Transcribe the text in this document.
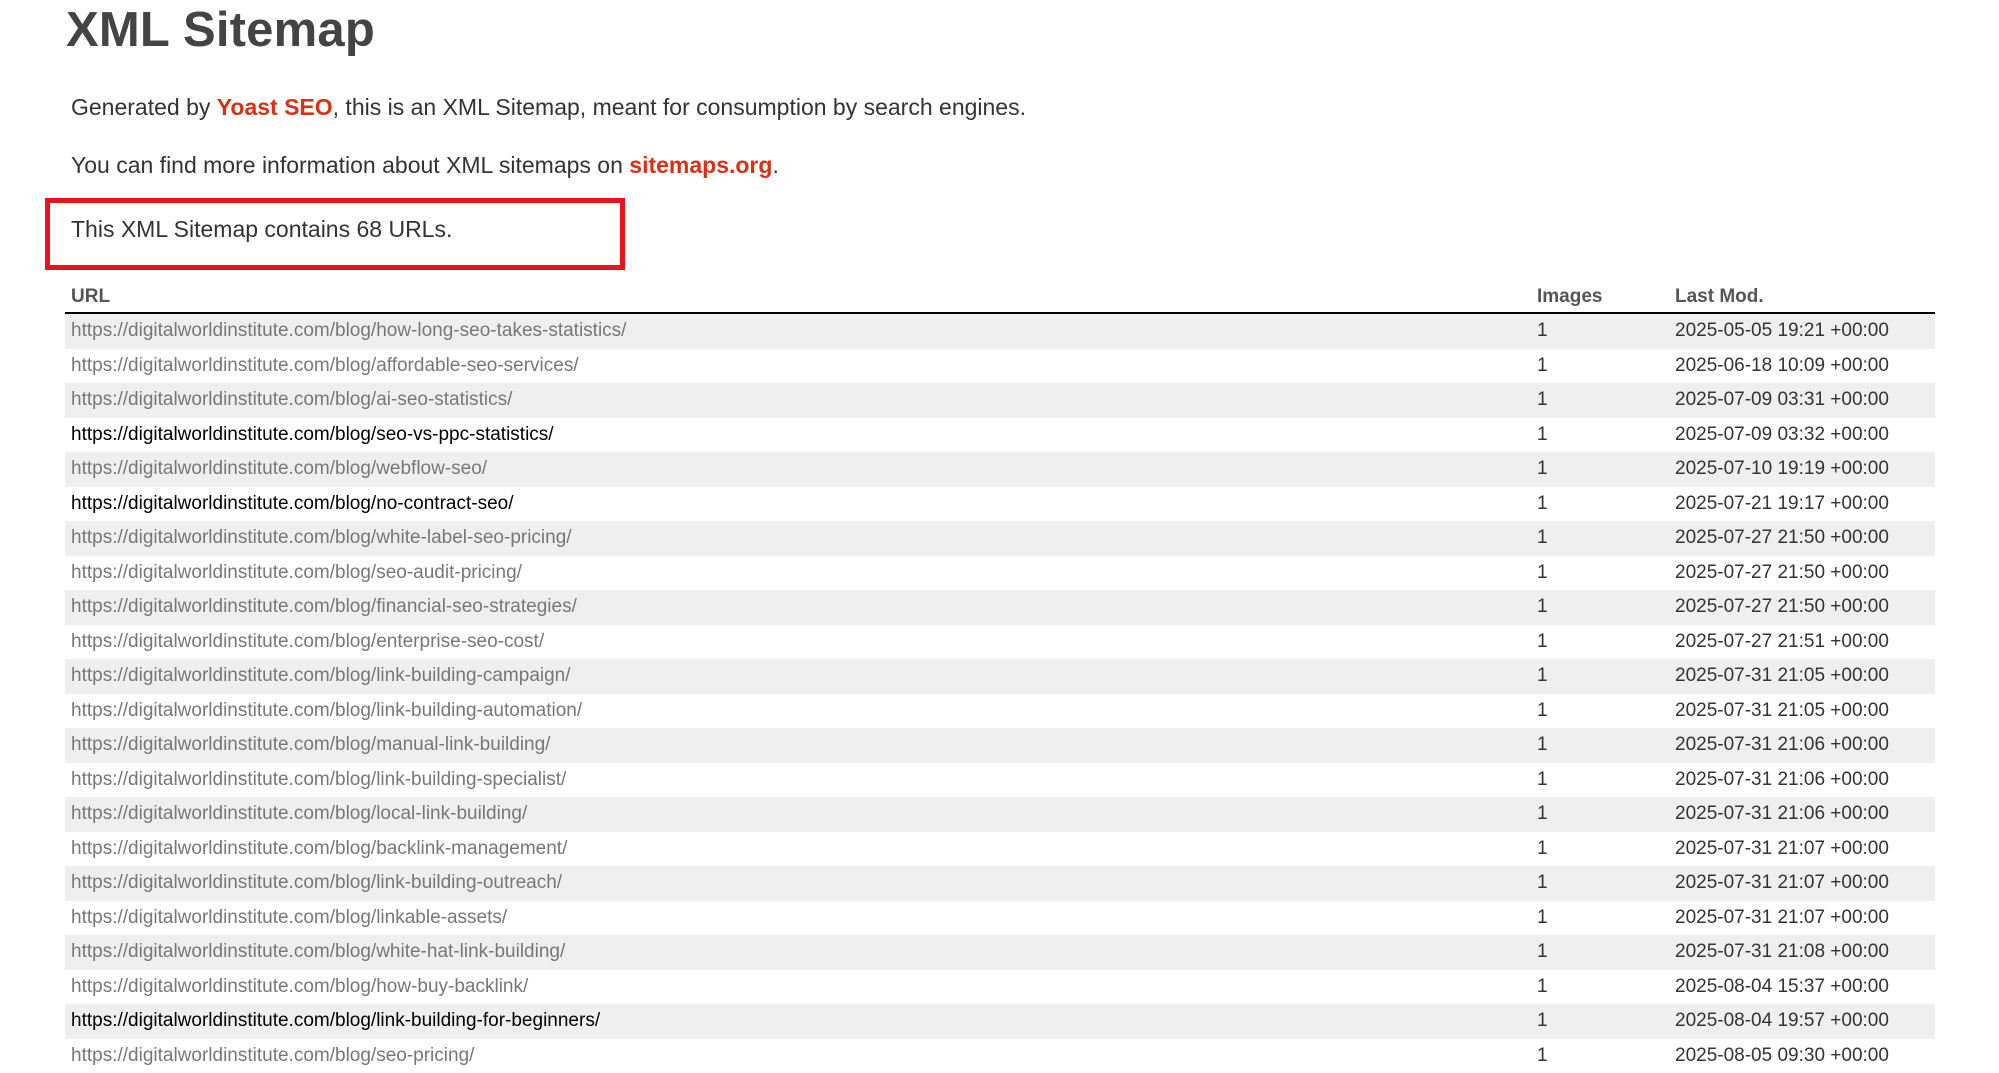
XML Sitemap

Generated by Yoast SEO, this is an XML Sitemap, meant for consumption by search engines.

You can find more information about XML sitemaps on sitemaps.org.

This XML Sitemap contains 68 URLs.

URL	Images	Last Mod.
https://digitalworldinstitute.com/blog/how-long-seo-takes-statistics/	1	2025-05-05 19:21 +00:00
https://digitalworldinstitute.com/blog/affordable-seo-services/	1	2025-06-18 10:09 +00:00
https://digitalworldinstitute.com/blog/ai-seo-statistics/	1	2025-07-09 03:31 +00:00
https://digitalworldinstitute.com/blog/seo-vs-ppc-statistics/	1	2025-07-09 03:32 +00:00
https://digitalworldinstitute.com/blog/webflow-seo/	1	2025-07-10 19:19 +00:00
https://digitalworldinstitute.com/blog/no-contract-seo/	1	2025-07-21 19:17 +00:00
https://digitalworldinstitute.com/blog/white-label-seo-pricing/	1	2025-07-27 21:50 +00:00
https://digitalworldinstitute.com/blog/seo-audit-pricing/	1	2025-07-27 21:50 +00:00
https://digitalworldinstitute.com/blog/financial-seo-strategies/	1	2025-07-27 21:50 +00:00
https://digitalworldinstitute.com/blog/enterprise-seo-cost/	1	2025-07-27 21:51 +00:00
https://digitalworldinstitute.com/blog/link-building-campaign/	1	2025-07-31 21:05 +00:00
https://digitalworldinstitute.com/blog/link-building-automation/	1	2025-07-31 21:05 +00:00
https://digitalworldinstitute.com/blog/manual-link-building/	1	2025-07-31 21:06 +00:00
https://digitalworldinstitute.com/blog/link-building-specialist/	1	2025-07-31 21:06 +00:00
https://digitalworldinstitute.com/blog/local-link-building/	1	2025-07-31 21:06 +00:00
https://digitalworldinstitute.com/blog/backlink-management/	1	2025-07-31 21:07 +00:00
https://digitalworldinstitute.com/blog/link-building-outreach/	1	2025-07-31 21:07 +00:00
https://digitalworldinstitute.com/blog/linkable-assets/	1	2025-07-31 21:07 +00:00
https://digitalworldinstitute.com/blog/white-hat-link-building/	1	2025-07-31 21:08 +00:00
https://digitalworldinstitute.com/blog/how-buy-backlink/	1	2025-08-04 15:37 +00:00
https://digitalworldinstitute.com/blog/link-building-for-beginners/	1	2025-08-04 19:57 +00:00
https://digitalworldinstitute.com/blog/seo-pricing/	1	2025-08-05 09:30 +00:00
